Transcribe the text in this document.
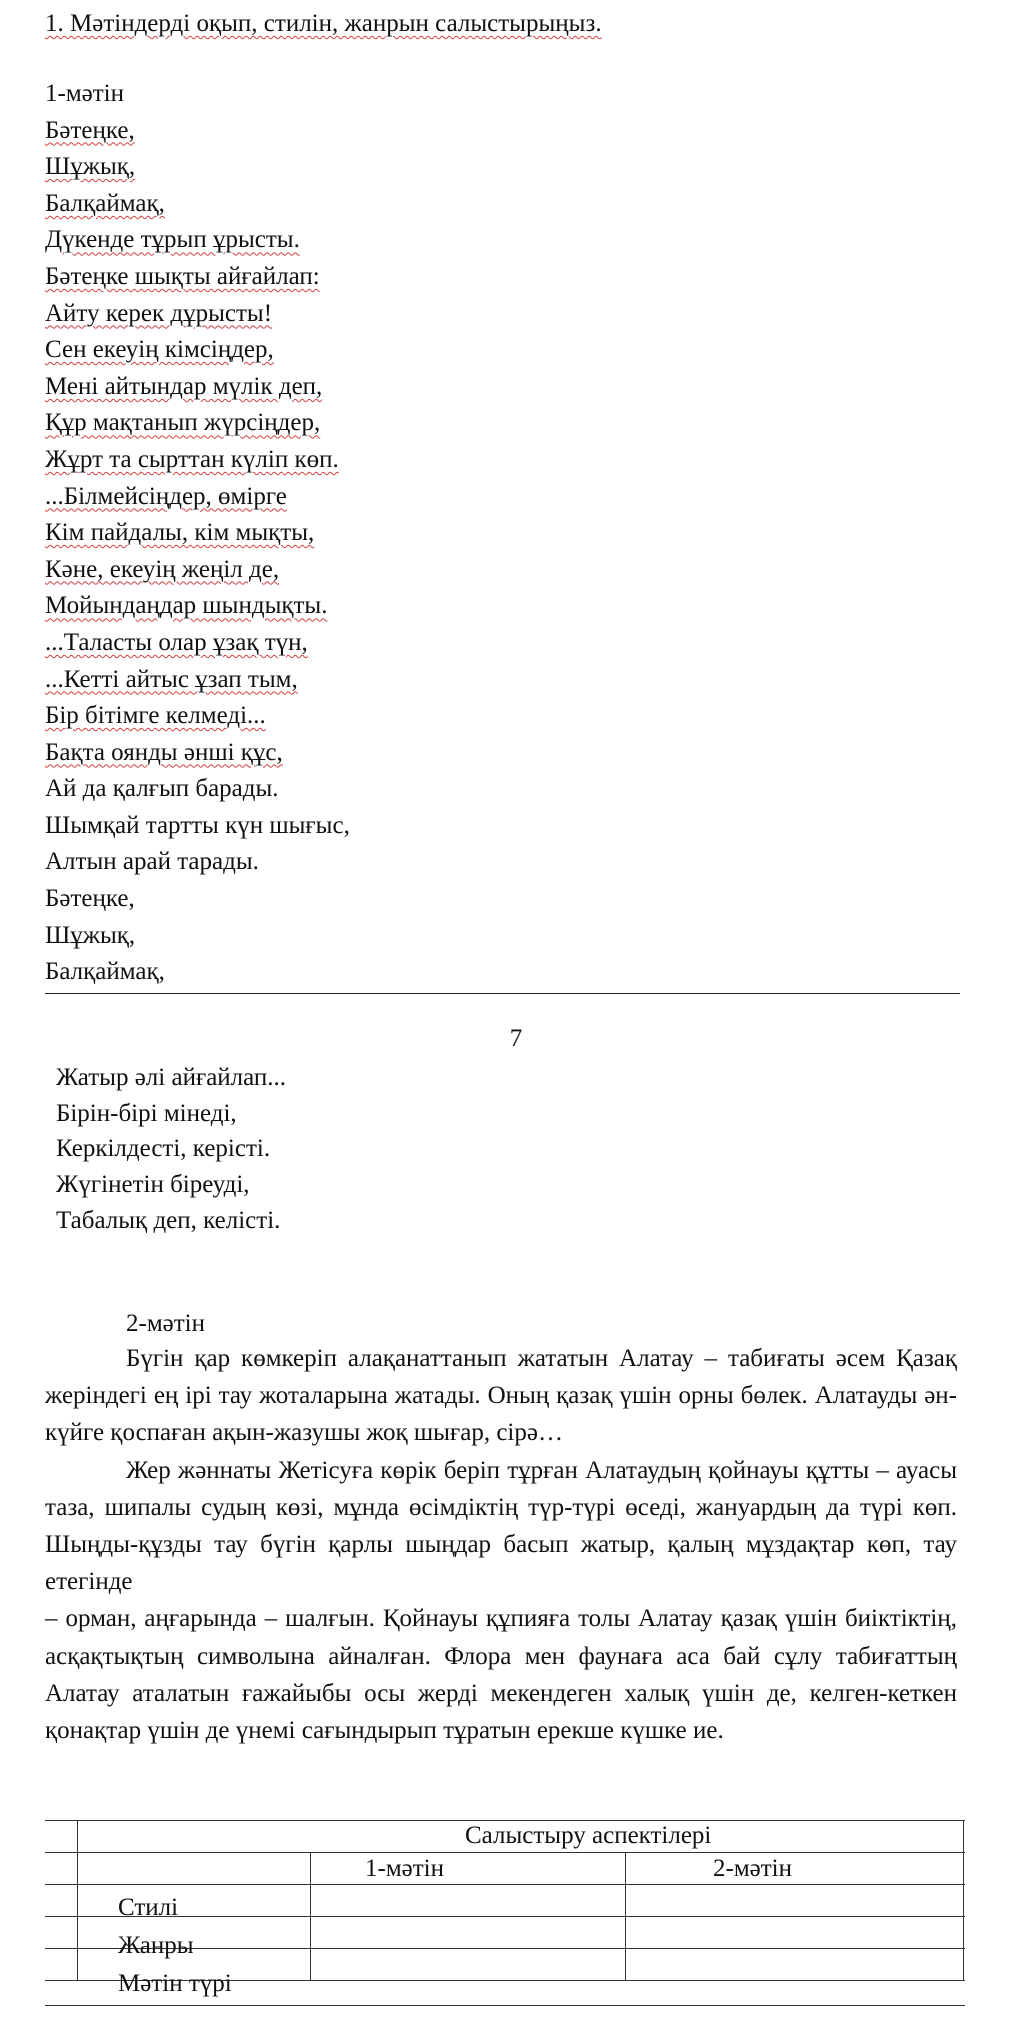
1. Мәтіндерді оқып, стилін, жанрын салыстырыңыз.
1-мәтін
Бәтеңке,
Шұжық,
Балқаймақ,
Дүкенде тұрып ұрысты.
Бәтеңке шықты айғайлап:
Айту керек дұрысты!
Сен екеуің кімсіңдер,
Мені айтындар мүлік деп,
Құр мақтанып жүрсіңдер,
Жұрт та сырттан күліп көп.
...Білмейсіңдер, өмірге
Кім пайдалы, кім мықты,
Кәне, екеуің жеңіл де,
Мойындаңдар шындықты.
...Таласты олар ұзақ түн,
...Кетті айтыс ұзап тым,
Бір бітімге келмеді...
Бақта оянды әнші құс,
Ай да қалғып барады.
Шымқай тартты күн шығыс,
Алтын арай тарады.
Бәтеңке,
Шұжық,
Балқаймақ,
7
Жатыр әлі айғайлап...
Бірін-бірі мінеді,
Керкілдесті, керісті.
Жүгінетін біреуді,
Табалық деп, келісті.
2-мәтін

Бүгін қар көмкеріп алақанаттанып жататын Алатау – табиғаты әсем Қазақ жеріндегі ең ірі тау жоталарына жатады. Оның қазақ үшін орны бөлек. Алатауды ән-күйге қоспаған ақын-жазушы жоқ шығар, сірә…

Жер жәннаты Жетісуға көрік беріп тұрған Алатаудың қойнауы құтты – ауасы таза, шипалы судың көзі, мұнда өсімдіктің түр-түрі өседі, жануардың да түрі көп. Шыңды-құзды тау бүгін қарлы шыңдар басып жатыр, қалың мұздақтар көп, тау етегінде

– орман, аңғарында – шалғын. Қойнауы құпияға толы Алатау қазақ үшін биіктіктің, асқақтықтың символына айналған. Флора мен фаунаға аса бай сұлу табиғаттың Алатау аталатын ғажайыбы осы жерді мекендеген халық үшін де, келген-кеткен қонақтар үшін де үнемі сағындырып тұратын ерекше күшке ие.

Салыстыру аспектілері
1-мәтін	2-мәтін
Стилі
Жанры
Мәтін түрі
